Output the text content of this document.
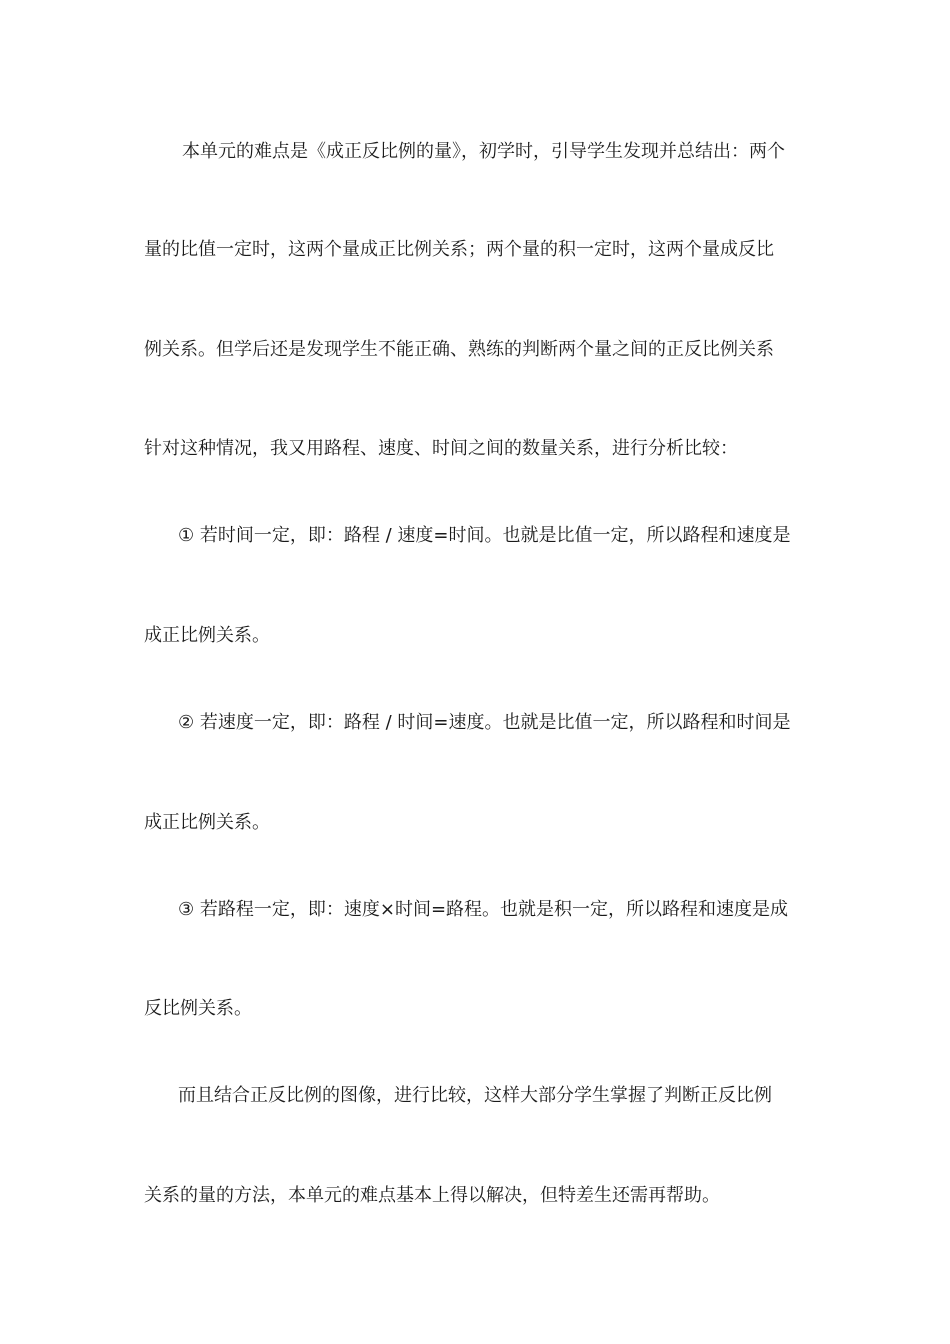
本单元的难点是《成正反比例的量》，初学时，引导学生发现并总结出：两个
量的比值一定时，这两个量成正比例关系；两个量的积一定时，这两个量成反比
例关系。但学后还是发现学生不能正确、熟练的判断两个量之间的正反比例关系
针对这种情况，我又用路程、速度、时间之间的数量关系，进行分析比较：
① 若时间一定，即：路程 / 速度=时间。也就是比值一定，所以路程和速度是
成正比例关系。
② 若速度一定，即：路程 / 时间=速度。也就是比值一定，所以路程和时间是
成正比例关系。
③ 若路程一定，即：速度×时间=路程。也就是积一定，所以路程和速度是成
反比例关系。
而且结合正反比例的图像，进行比较，这样大部分学生掌握了判断正反比例
关系的量的方法，本单元的难点基本上得以解决，但特差生还需再帮助。
